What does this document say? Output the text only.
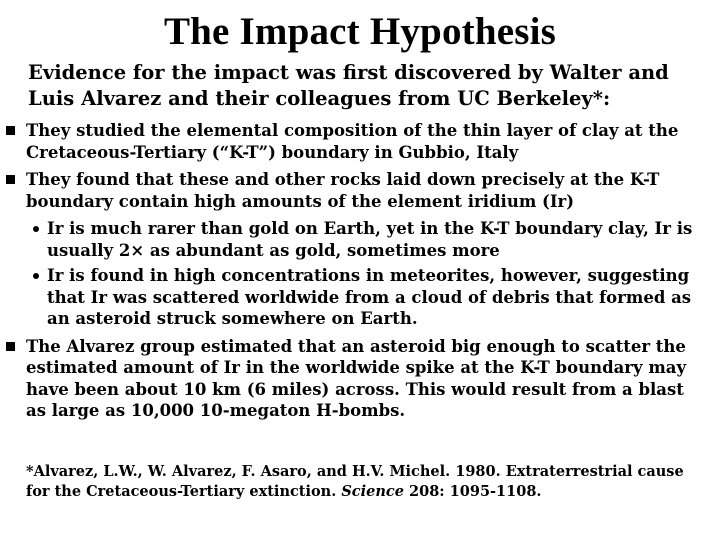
The Impact Hypothesis
Evidence for the impact was first discovered by Walter and Luis Alvarez and their colleagues from UC Berkeley*:
They studied the elemental composition of the thin layer of clay at the Cretaceous-Tertiary (“K-T”) boundary in Gubbio, Italy
They found that these and other rocks laid down precisely at the K-T boundary contain high amounts of the element iridium (Ir)
Ir is much rarer than gold on Earth, yet in the K-T boundary clay, Ir is usually 2× as abundant as gold, sometimes more
Ir is found in high concentrations in meteorites, however, suggesting that Ir was scattered worldwide from a cloud of debris that formed as an asteroid struck somewhere on Earth.
The Alvarez group estimated that an asteroid big enough to scatter the estimated amount of Ir in the worldwide spike at the K-T boundary may have been about 10 km (6 miles) across. This would result from a blast as large as 10,000 10-megaton H-bombs.
*Alvarez, L.W., W. Alvarez, F. Asaro, and H.V. Michel. 1980. Extraterrestrial cause for the Cretaceous-Tertiary extinction. Science 208: 1095-1108.
